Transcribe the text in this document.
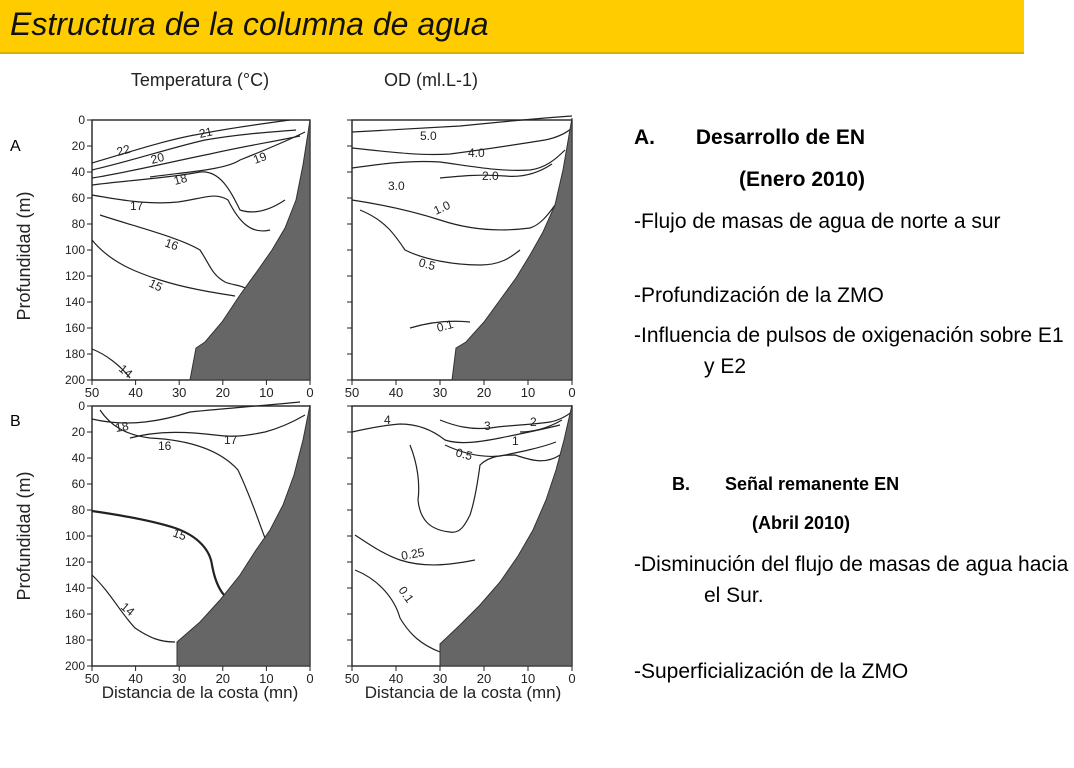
Estructura de la columna de agua
A
B
Temperatura (°C)
50 40 30 20 10	0
0
20
40
60
80
100
120
140
160
180
200
22
21
20	19
18
17
16
15
14
Profundidad (m)
OD (ml.L-1)
50 40 30 20 10	0
5.0
4.0
3.0
2.0
1.0
0.5
0.1
50 40 30 20 10	0
0
20
40
60
80
100
120
140
160
180
200
18
17
16
15
14
Profundidad (m)
Distancia de la costa (mn)
50 40 30 20 10	0
4	3	2
1
0.5
0.25
0.1
Distancia de la costa (mn)
A.       Desarrollo de EN
(Enero 2010)
-Flujo de masas de agua de norte a sur
-Profundización de la ZMO
-Influencia de pulsos de oxigenación sobre E1 y E2
B.       Señal remanente EN
(Abril 2010)
-Disminución del flujo de masas de agua hacia el Sur.
-Superficialización de la ZMO
